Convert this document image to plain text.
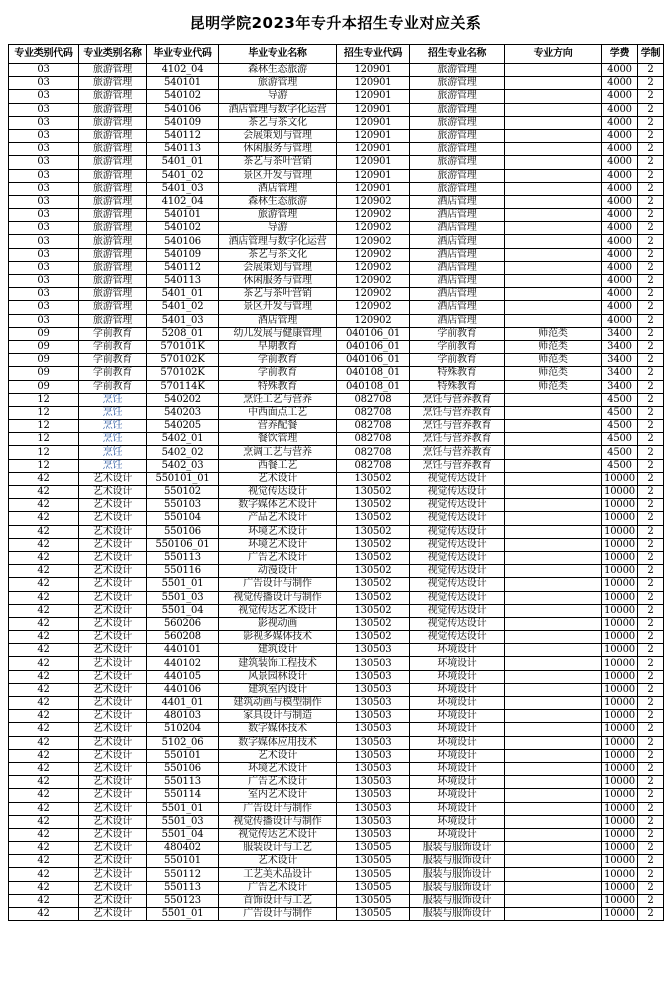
昆明学院2023年专升本招生专业对应关系
专业类别代码	专业类别名称	毕业专业代码	毕业专业名称	招生专业代码	招生专业名称	专业方向	学费	学制
03	旅游管理	4102_04	森林生态旅游	120901	旅游管理		4000	2
03	旅游管理	540101	旅游管理	120901	旅游管理		4000	2
03	旅游管理	540102	导游	120901	旅游管理		4000	2
03	旅游管理	540106	酒店管理与数字化运营	120901	旅游管理		4000	2
03	旅游管理	540109	茶艺与茶文化	120901	旅游管理		4000	2
03	旅游管理	540112	会展策划与管理	120901	旅游管理		4000	2
03	旅游管理	540113	休闲服务与管理	120901	旅游管理		4000	2
03	旅游管理	5401_01	茶艺与茶叶营销	120901	旅游管理		4000	2
03	旅游管理	5401_02	景区开发与管理	120901	旅游管理		4000	2
03	旅游管理	5401_03	酒店管理	120901	旅游管理		4000	2
03	旅游管理	4102_04	森林生态旅游	120902	酒店管理		4000	2
03	旅游管理	540101	旅游管理	120902	酒店管理		4000	2
03	旅游管理	540102	导游	120902	酒店管理		4000	2
03	旅游管理	540106	酒店管理与数字化运营	120902	酒店管理		4000	2
03	旅游管理	540109	茶艺与茶文化	120902	酒店管理		4000	2
03	旅游管理	540112	会展策划与管理	120902	酒店管理		4000	2
03	旅游管理	540113	休闲服务与管理	120902	酒店管理		4000	2
03	旅游管理	5401_01	茶艺与茶叶营销	120902	酒店管理		4000	2
03	旅游管理	5401_02	景区开发与管理	120902	酒店管理		4000	2
03	旅游管理	5401_03	酒店管理	120902	酒店管理		4000	2
09	学前教育	5208_01	幼儿发展与健康管理	040106_01	学前教育	师范类	3400	2
09	学前教育	570101K	早期教育	040106_01	学前教育	师范类	3400	2
09	学前教育	570102K	学前教育	040106_01	学前教育	师范类	3400	2
09	学前教育	570102K	学前教育	040108_01	特殊教育	师范类	3400	2
09	学前教育	570114K	特殊教育	040108_01	特殊教育	师范类	3400	2
12	烹饪	540202	烹饪工艺与营养	082708	烹饪与营养教育		4500	2
12	烹饪	540203	中西面点工艺	082708	烹饪与营养教育		4500	2
12	烹饪	540205	营养配餐	082708	烹饪与营养教育		4500	2
12	烹饪	5402_01	餐饮管理	082708	烹饪与营养教育		4500	2
12	烹饪	5402_02	烹调工艺与营养	082708	烹饪与营养教育		4500	2
12	烹饪	5402_03	西餐工艺	082708	烹饪与营养教育		4500	2
42	艺术设计	550101_01	艺术设计	130502	视觉传达设计		10000	2
42	艺术设计	550102	视觉传达设计	130502	视觉传达设计		10000	2
42	艺术设计	550103	数字媒体艺术设计	130502	视觉传达设计		10000	2
42	艺术设计	550104	产品艺术设计	130502	视觉传达设计		10000	2
42	艺术设计	550106	环境艺术设计	130502	视觉传达设计		10000	2
42	艺术设计	550106_01	环境艺术设计	130502	视觉传达设计		10000	2
42	艺术设计	550113	广告艺术设计	130502	视觉传达设计		10000	2
42	艺术设计	550116	动漫设计	130502	视觉传达设计		10000	2
42	艺术设计	5501_01	广告设计与制作	130502	视觉传达设计		10000	2
42	艺术设计	5501_03	视觉传播设计与制作	130502	视觉传达设计		10000	2
42	艺术设计	5501_04	视觉传达艺术设计	130502	视觉传达设计		10000	2
42	艺术设计	560206	影视动画	130502	视觉传达设计		10000	2
42	艺术设计	560208	影视多媒体技术	130502	视觉传达设计		10000	2
42	艺术设计	440101	建筑设计	130503	环境设计		10000	2
42	艺术设计	440102	建筑装饰工程技术	130503	环境设计		10000	2
42	艺术设计	440105	风景园林设计	130503	环境设计		10000	2
42	艺术设计	440106	建筑室内设计	130503	环境设计		10000	2
42	艺术设计	4401_01	建筑动画与模型制作	130503	环境设计		10000	2
42	艺术设计	480103	家具设计与制造	130503	环境设计		10000	2
42	艺术设计	510204	数字媒体技术	130503	环境设计		10000	2
42	艺术设计	5102_06	数字媒体应用技术	130503	环境设计		10000	2
42	艺术设计	550101	艺术设计	130503	环境设计		10000	2
42	艺术设计	550106	环境艺术设计	130503	环境设计		10000	2
42	艺术设计	550113	广告艺术设计	130503	环境设计		10000	2
42	艺术设计	550114	室内艺术设计	130503	环境设计		10000	2
42	艺术设计	5501_01	广告设计与制作	130503	环境设计		10000	2
42	艺术设计	5501_03	视觉传播设计与制作	130503	环境设计		10000	2
42	艺术设计	5501_04	视觉传达艺术设计	130503	环境设计		10000	2
42	艺术设计	480402	服装设计与工艺	130505	服装与服饰设计		10000	2
42	艺术设计	550101	艺术设计	130505	服装与服饰设计		10000	2
42	艺术设计	550112	工艺美术品设计	130505	服装与服饰设计		10000	2
42	艺术设计	550113	广告艺术设计	130505	服装与服饰设计		10000	2
42	艺术设计	550123	首饰设计与工艺	130505	服装与服饰设计		10000	2
42	艺术设计	5501_01	广告设计与制作	130505	服装与服饰设计		10000	2
